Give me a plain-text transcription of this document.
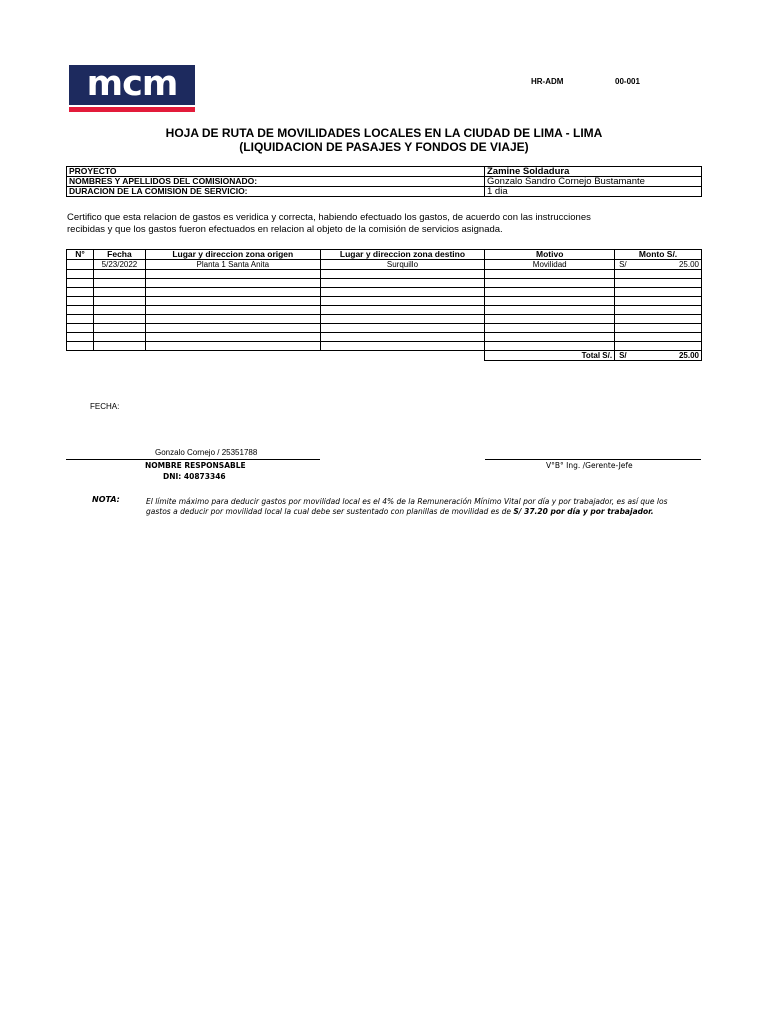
mcm	HR-ADM	00-001
HOJA DE RUTA DE MOVILIDADES LOCALES EN LA CIUDAD DE LIMA - LIMA
(LIQUIDACION DE PASAJES Y FONDOS DE VIAJE)
PROYECTO	Zamine Soldadura
NOMBRES Y APELLIDOS DEL COMISIONADO:	Gonzalo Sandro Cornejo Bustamante
DURACION DE LA COMISION DE SERVICIO:	1 dia
Certifico que esta relacion de gastos es veridica y correcta, habiendo efectuado los gastos, de acuerdo con las instrucciones
recibidas y que los gastos fueron efectuados en relacion al objeto de la comisión de servicios asignada.
N°	Fecha	Lugar y direccion zona origen	Lugar y direccion zona destino	Motivo	Monto S/.	
	5/23/2022	Planta 1 Santa Anita	Surquillo	Movilidad	S/	25.00

				Total S/.	S/	25.00
FECHA:
Gonzalo Cornejo / 25351788
NOMBRE RESPONSABLE
DNI: 40873346
V°B° Ing. /Gerente-Jefe
NOTA:	El límite máximo para deducir gastos por movilidad local es el 4% de la Remuneración Mínimo Vital por día y por trabajador, es así que los gastos a deducir por movilidad local la cual debe ser sustentado con planillas de movilidad es de S/ 37.20 por día y por trabajador.
